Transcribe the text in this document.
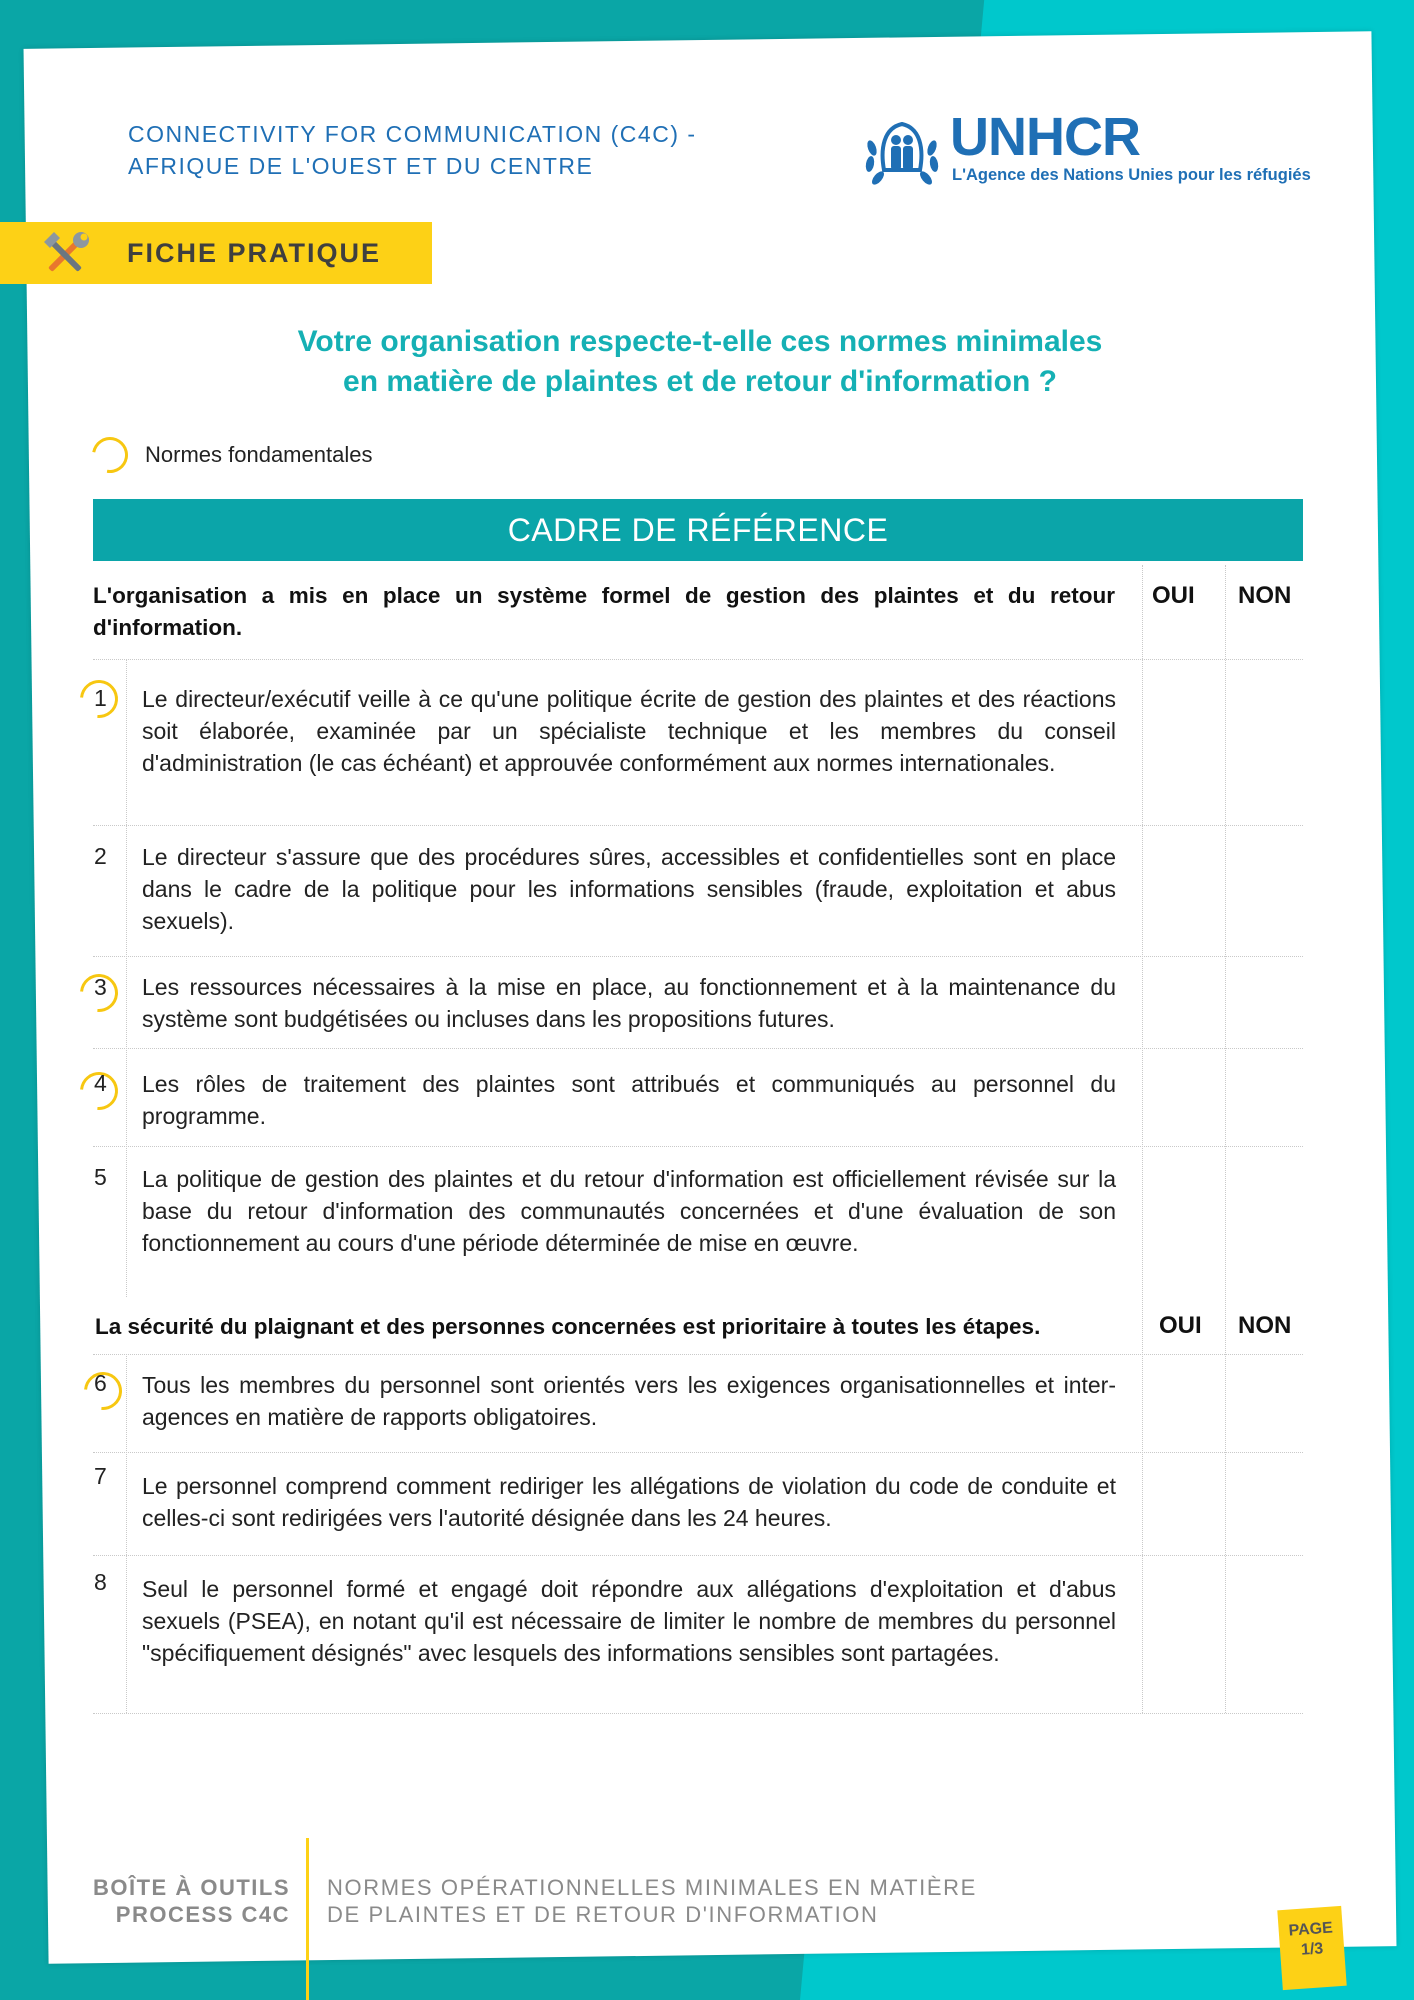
CONNECTIVITY FOR COMMUNICATION (C4C) -
AFRIQUE DE L'OUEST ET DU CENTRE	UNHCR
L'Agence des Nations Unies pour les réfugiés
FICHE PRATIQUE
Votre organisation respecte-t-elle ces normes minimales
en matière de plaintes et de retour d'information ?
Normes fondamentales
CADRE DE RÉFÉRENCE
L'organisation a mis en place un système formel de gestion des plaintes et du retour d'information.
OUI NON
La sécurité du plaignant et des personnes concernées est prioritaire à toutes les étapes.	OUI NON
1 Le directeur/exécutif veille à ce qu'une politique écrite de gestion des plaintes et des réactions soit élaborée, examinée par un spécialiste technique et les membres du conseil d'administration (le cas échéant) et approuvée conformément aux normes internationales.
2 Le directeur s'assure que des procédures sûres, accessibles et confidentielles sont en place dans le cadre de la politique pour les informations sensibles (fraude, exploitation et abus sexuels).
3 Les ressources nécessaires à la mise en place, au fonctionnement et à la maintenance du système sont budgétisées ou incluses dans les propositions futures.
4 Les rôles de traitement des plaintes sont attribués et communiqués au personnel du programme.
5 La politique de gestion des plaintes et du retour d'information est officiellement révisée sur la base du retour d'information des communautés concernées et d'une évaluation de son fonctionnement au cours d'une période déterminée de mise en œuvre.
6 Tous les membres du personnel sont orientés vers les exigences organisationnelles et inter-agences en matière de rapports obligatoires.
7 Le personnel comprend comment rediriger les allégations de violation du code de conduite et celles-ci sont redirigées vers l'autorité désignée dans les 24 heures.
8 Seul le personnel formé et engagé doit répondre aux allégations d'exploitation et d'abus sexuels (PSEA), en notant qu'il est nécessaire de limiter le nombre de membres du personnel "spécifiquement désignés" avec lesquels des informations sensibles sont partagées.
BOÎTE À OUTILS
PROCESS C4C
NORMES OPÉRATIONNELLES MINIMALES EN MATIÈRE
DE PLAINTES ET DE RETOUR D'INFORMATION
PAGE
1/3
